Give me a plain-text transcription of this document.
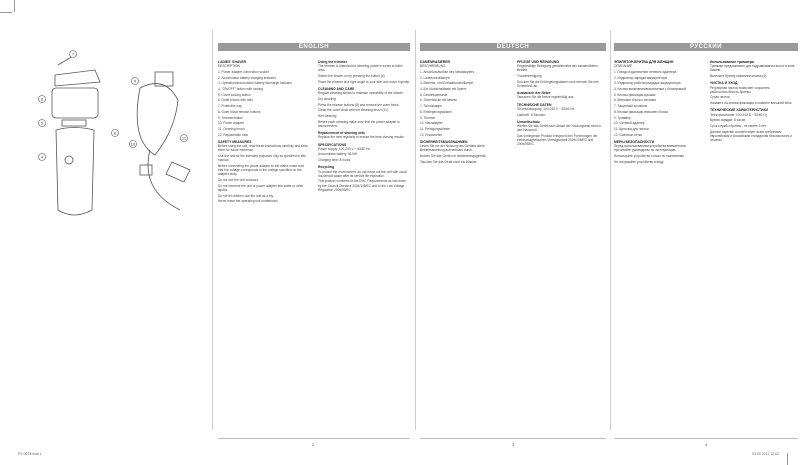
7
6
5
8
4
9
11
10
ENGLISH
LADIES' SHAVER

DESCRIPTION

1. Power adapter connection socket

2. Accumulator battery charging indicator

3. Operation/accumulator battery discharge indicator

4. "ON/OFF" button with locking

5. Cover locking button

6. Outer blocks with nets

7. Protective cap

8. Outer block release buttons

9. Trimmer/button

10. Power adapter

11. Cleaning brush

12. Replaceable nets

SAFETY MEASURES

Before using the unit, read these instructions carefully and keep them for future reference.

Use the unit for the intended purposes only as specified in this manual.

Before connecting the power adapter to the mains make sure that the voltage corresponds to the voltage specified on the adapter body.

Do not use the unit outdoors.

Do not immerse the unit or power adapter into water or other liquids.

Do not let children use the unit as a toy.

Never leave the operating unit unattended.

Using the trimmer

The trimmer is intended for trimming problem zones in bikini area.

Switch the shaver on by pressing the button (4).

Place the trimmer at a right angle to your skin and move it gently.

CLEANING AND CARE

Regular cleaning allows to maintain operability of the shaver.

Dry cleaning

Press the release buttons (8) and remove the outer block.

Clean the outer block with the cleaning brush (11).

Wet cleaning

Before each cleaning make sure that the power adapter is disconnected.

Replacement of shaving nets

Replace the nets regularly to ensure the best shaving results.

SPECIFICATIONS

Power supply: 100-240 V ~ 50/60 Hz

Accumulator battery: Ni-MH

Charging time: 8 hours

Recycling

To protect the environment, do not throw out the unit with usual household waste after its service life expiration.

This product conforms to the EMC-Requirements as laid down by the Council Directive 2004/108/EC and to the Low Voltage Regulation 2006/95/EC.

DEUTSCH
DAMENRASIERER

BESCHREIBUNG

1. Anschlussbuchse des Netzadapters

2. Ladekontrolllampe

3. Betriebs- und Entladekontrolllampe

4. Ein-/Ausschalttaste mit Sperre

5. Deckelsperrtaste

6. Scherblöcke mit Netzen

7. Schutzkappe

8. Entriegelungstasten

9. Trimmer

10. Netzadapter

11. Reinigungsbürste

12. Ersatznetze

SICHERHEITSMASSNAHMEN

Lesen Sie vor der Nutzung des Gerätes diese Betriebsanleitung aufmerksam durch.

Nutzen Sie das Gerät nur bestimmungsgemäß.

Tauchen Sie das Gerät nicht ins Wasser.

PFLEGE UND REINIGUNG

Regelmäßige Reinigung gewährleistet den einwandfreien Betrieb.

Trockenreinigung

Drücken Sie die Entriegelungstasten und nehmen Sie den Scherblock ab.

Austausch der Netze

Tauschen Sie die Netze regelmäßig aus.

TECHNISCHE DATEN

Stromversorgung: 100-240 V ~ 50/60 Hz

Ladezeit: 8 Stunden

Umweltschutz

Werfen Sie das Gerät nach Ablauf der Nutzungsfrist nicht in den Hausmüll.

Das vorliegende Produkt entspricht den Forderungen der elektromagnetischen Verträglichkeit 2004/108/EC und 2006/95/EC.

РУССКИЙ
ЭПИЛЯТОР-БРИТВА ДЛЯ ЖЕНЩИН

ОПИСАНИЕ

1. Гнездо подключения сетевого адаптера

2. Индикатор зарядки аккумулятора

3. Индикатор работы/разрядки аккумулятора

4. Кнопка включения/выключения с блокировкой

5. Кнопка фиксации крышки

6. Внешние блоки с сетками

7. Защитный колпачок

8. Кнопки фиксации внешнего блока

9. Триммер

10. Сетевой адаптер

11. Щеточка для чистки

12. Сменные сетки

МЕРЫ БЕЗОПАСНОСТИ

Перед использованием устройства внимательно прочитайте руководство по эксплуатации.

Используйте устройство только по назначению.

Не погружайте устройство в воду.

Использование триммера

Триммер предназначен для подравнивания волос в зоне бикини.

Включите бритву нажатием кнопки (4).

ЧИСТКА И УХОД

Регулярная чистка позволяет сохранить работоспособность бритвы.

Сухая чистка

Нажмите на кнопки фиксации и снимите внешний блок.

ТЕХНИЧЕСКИЕ ХАРАКТЕРИСТИКИ

Электропитание: 100-240 В ~ 50/60 Гц

Время зарядки: 8 часов

Срок службы бритвы - не менее 3 лет

Данное изделие соответствует всем требуемым европейским и российским стандартам безопасности и гигиены.

2	3	4
FS 0073.indd 1	03.03.2011 12:02
